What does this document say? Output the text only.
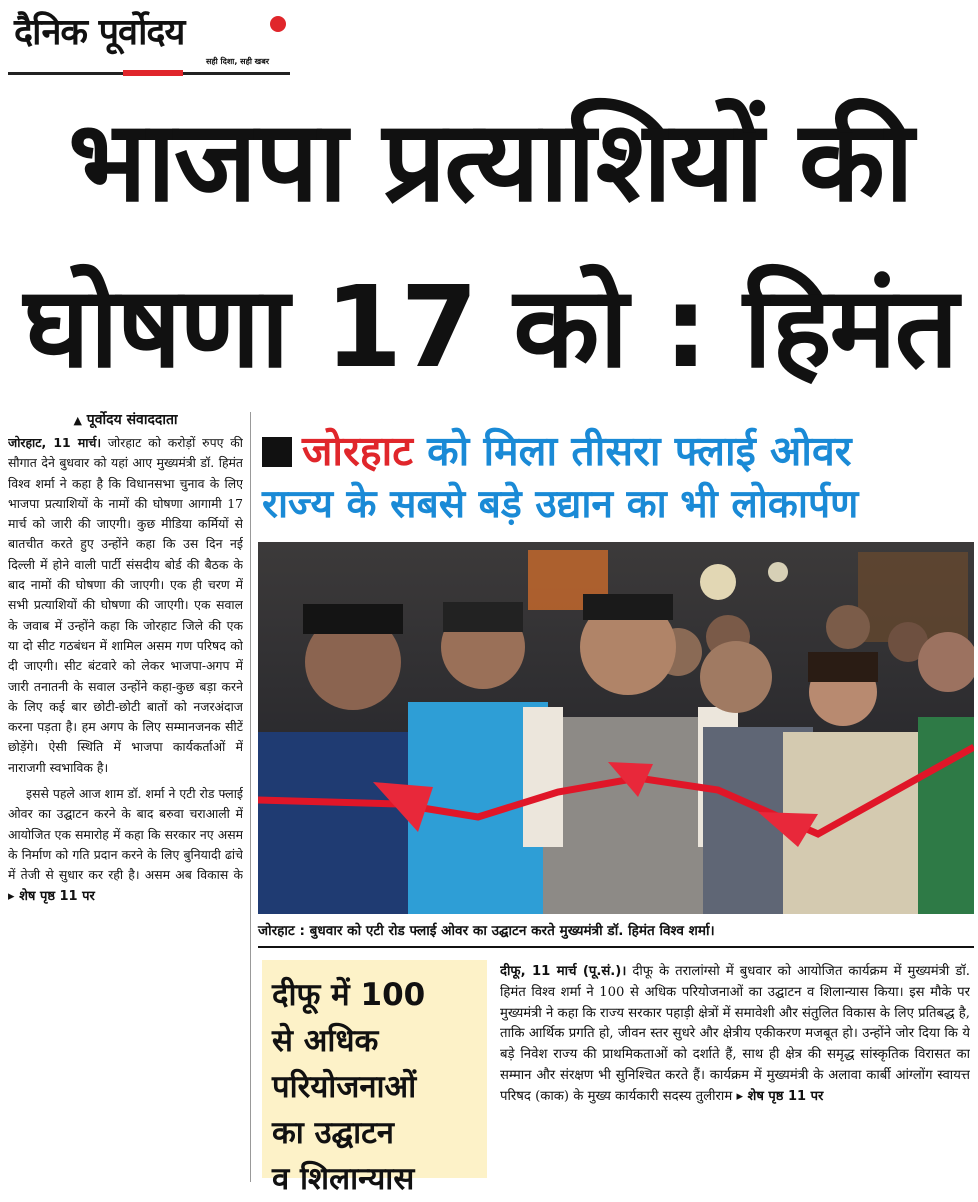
दैनिक पूर्वोदय
सही दिशा, सही खबर
भाजपा प्रत्याशियों की
घोषणा 17 को : हिमंत
▲ पूर्वोदय संवाददाता

जोरहाट, 11 मार्च। जोरहाट को करोड़ों रुपए की सौगात देने बुधवार को यहां आए मुख्यमंत्री डॉ. हिमंत विश्व शर्मा ने कहा है कि विधानसभा चुनाव के लिए भाजपा प्रत्याशियों के नामों की घोषणा आगामी 17 मार्च को जारी की जाएगी। कुछ मीडिया कर्मियों से बातचीत करते हुए उन्होंने कहा कि उस दिन नई दिल्ली में होने वाली पार्टी संसदीय बोर्ड की बैठक के बाद नामों की घोषणा की जाएगी। एक ही चरण में सभी प्रत्याशियों की घोषणा की जाएगी। एक सवाल के जवाब में उन्होंने कहा कि जोरहाट जिले की एक या दो सीट गठबंधन में शामिल असम गण परिषद को दी जाएगी। सीट बंटवारे को लेकर भाजपा-अगप में जारी तनातनी के सवाल उन्होंने कहा-कुछ बड़ा करने के लिए कई बार छोटी-छोटी बातों को नजरअंदाज करना पड़ता है। हम अगप के लिए सम्मानजनक सीटें छोड़ेंगे। ऐसी स्थिति में भाजपा कार्यकर्ताओं में नाराजगी स्वभाविक है।

इससे पहले आज शाम डॉ. शर्मा ने एटी रोड फ्लाई ओवर का उद्घाटन करने के बाद बरुवा चराआली में आयोजित एक समारोह में कहा कि सरकार नए असम के निर्माण को गति प्रदान करने के लिए बुनियादी ढांचे में तेजी से सुधार कर रही है। असम अब विकास के ▸ शेष पृष्ठ 11 पर

जोरहाट को मिला तीसरा फ्लाई ओवर
राज्य के सबसे बड़े उद्यान का भी लोकार्पण
जोरहाट : बुधवार को एटी रोड फ्लाई ओवर का उद्घाटन करते मुख्यमंत्री डॉ. हिमंत विश्व शर्मा।
दीफू में 100
से अधिक
परियोजनाओं
का उद्घाटन
व शिलान्यास

दीफू, 11 मार्च (पू.सं.)। दीफू के तरालांग्सो में बुधवार को आयोजित कार्यक्रम में मुख्यमंत्री डॉ. हिमंत विश्व शर्मा ने 100 से अधिक परियोजनाओं का उद्घाटन व शिलान्यास किया। इस मौके पर मुख्यमंत्री ने कहा कि राज्य सरकार पहाड़ी क्षेत्रों में समावेशी और संतुलित विकास के लिए प्रतिबद्ध है, ताकि आर्थिक प्रगति हो, जीवन स्तर सुधरे और क्षेत्रीय एकीकरण मजबूत हो। उन्होंने जोर दिया कि ये बड़े निवेश राज्य की प्राथमिकताओं को दर्शाते हैं, साथ ही क्षेत्र की समृद्ध सांस्कृतिक विरासत का सम्मान और संरक्षण भी सुनिश्चित करते हैं। कार्यक्रम में मुख्यमंत्री के अलावा कार्बी आंग्लोंग स्वायत्त परिषद (काक) के मुख्य कार्यकारी सदस्य तुलीराम ▸ शेष पृष्ठ 11 पर
